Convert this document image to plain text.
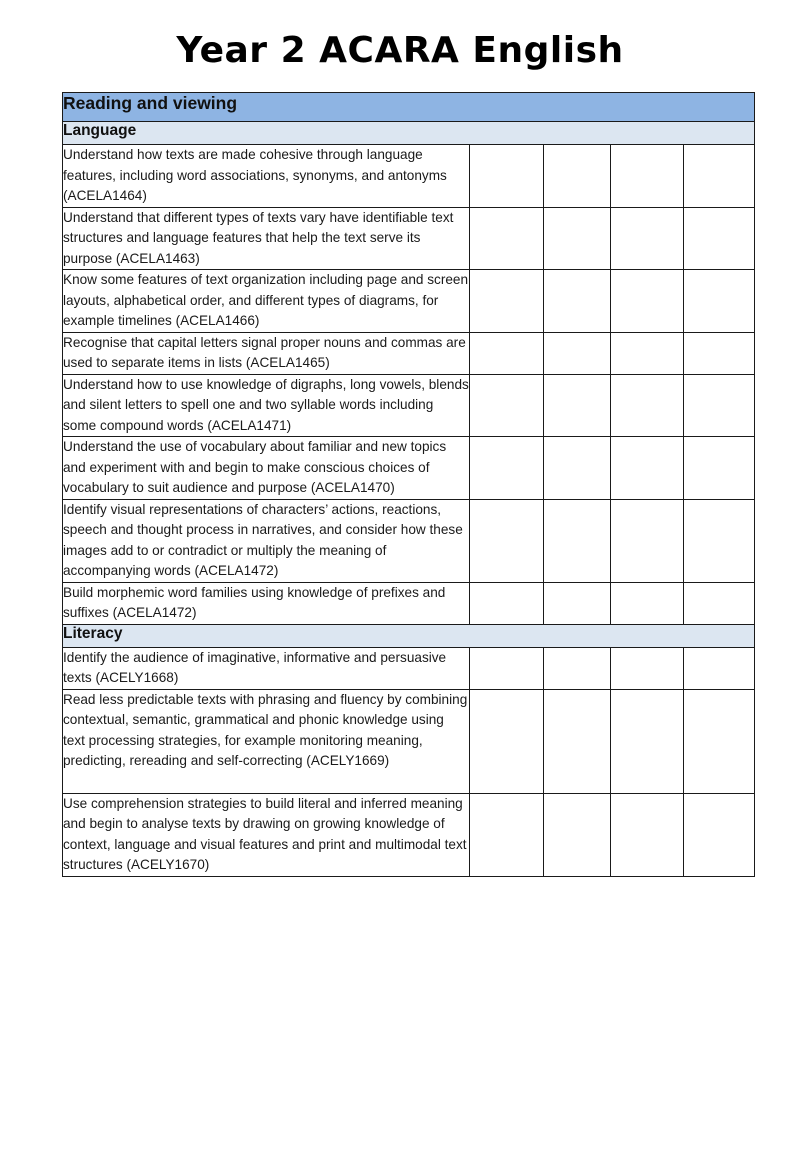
Year 2 ACARA English
Reading and viewing				
Language				
Understand how texts are made cohesive through language features, including word associations, synonyms, and antonyms (ACELA1464)				
Understand that different types of texts vary have identifiable text structures and language features that help the text serve its purpose (ACELA1463)				
Know some features of text organization including page and screen layouts, alphabetical order, and different types of diagrams, for example timelines (ACELA1466)				
Recognise that capital letters signal proper nouns and commas are used to separate items in lists (ACELA1465)				
Understand how to use knowledge of digraphs, long vowels, blends and silent letters to spell one and two syllable words including some compound words (ACELA1471)				
Understand the use of vocabulary about familiar and new topics and experiment with and begin to make conscious choices of vocabulary to suit audience and purpose (ACELA1470)				
Identify visual representations of characters’ actions, reactions, speech and thought process in narratives, and consider how these images add to or contradict or multiply the meaning of accompanying words (ACELA1472)				
Build morphemic word families using knowledge of prefixes and suffixes (ACELA1472)				
Literacy				
Identify the audience of imaginative, informative and persuasive texts (ACELY1668)				
Read less predictable texts with phrasing and fluency by combining contextual, semantic, grammatical and phonic knowledge using text processing strategies, for example monitoring meaning, predicting, rereading and self-correcting (ACELY1669)				
Use comprehension strategies to build literal and inferred meaning and begin to analyse texts by drawing on growing knowledge of context, language and visual features and print and multimodal text structures (ACELY1670)				
